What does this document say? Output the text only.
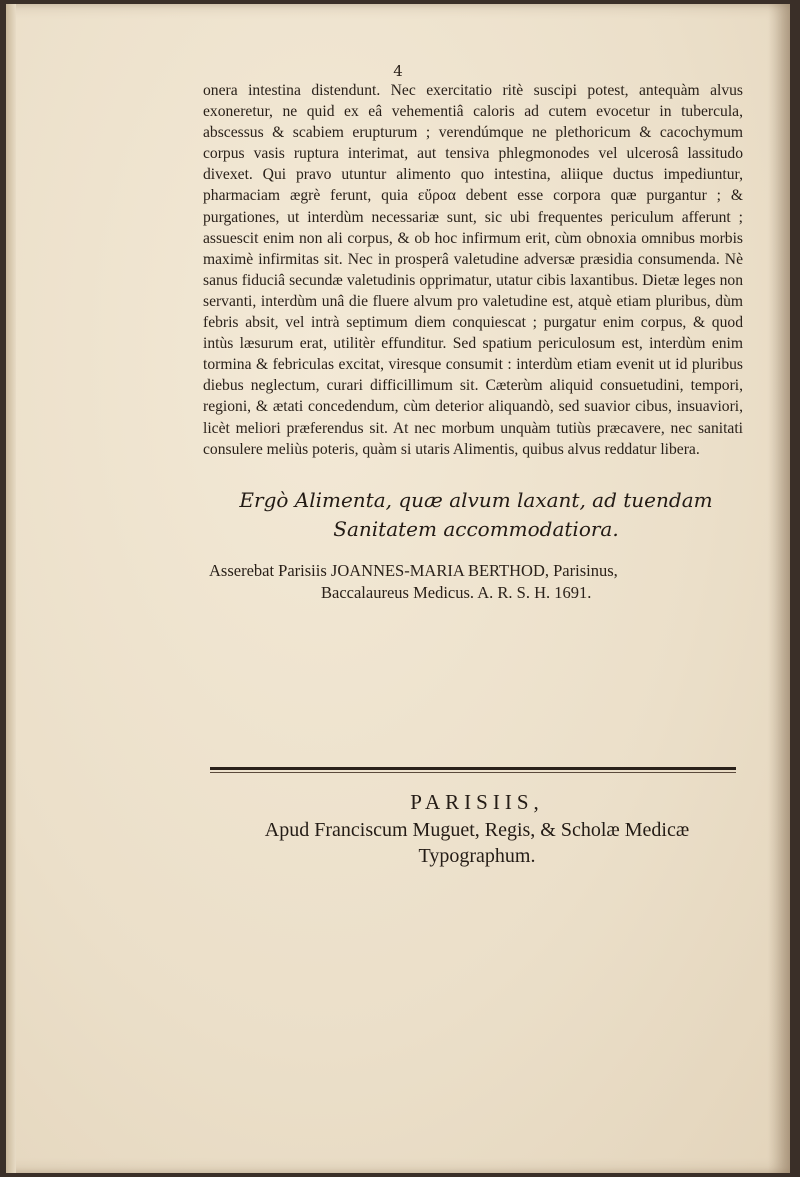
4

onera intestina distendunt. Nec exercitatio ritè suscipi potest, antequàm alvus exoneretur, ne quid ex eâ vehementiâ caloris ad cutem evocetur in tubercula, abscessus & scabiem erupturum ; verendúmque ne plethoricum & cacochymum corpus vasis ruptura interimat, aut tensiva phlegmonodes vel ulcerosâ lassitudo divexet. Qui pravo utuntur alimento quo intestina, aliique ductus impediuntur, pharmaciam ægrè ferunt, quia εὔροα debent esse corpora quæ purgantur ; & purgationes, ut interdùm necessariæ sunt, sic ubi frequentes periculum afferunt ; assuescit enim non ali corpus, & ob hoc infirmum erit, cùm obnoxia omnibus morbis maximè infirmitas sit. Nec in prosperâ valetudine adversæ præsidia consumenda. Nè sanus fiduciâ secundæ valetudinis opprimatur, utatur cibis laxantibus. Dietæ leges non servanti, interdùm unâ die fluere alvum pro valetudine est, atquè etiam pluribus, dùm febris absit, vel intrà septimum diem conquiescat ; purgatur enim corpus, & quod intùs læsurum erat, utilitèr effunditur. Sed spatium periculosum est, interdùm enim tormina & febriculas excitat, viresque consumit : interdùm etiam evenit ut id pluribus diebus neglectum, curari difficillimum sit. Cæterùm aliquid consuetudini, tempori, regioni, & ætati concedendum, cùm deterior aliquandò, sed suavior cibus, insuaviori, licèt meliori præferendus sit. At nec morbum unquàm tutiùs præcavere, nec sanitati consulere meliùs poteris, quàm si utaris Alimentis, quibus alvus reddatur libera.

Ergò Alimenta, quæ alvum laxant, ad tuendam Sanitatem accommodatiora.

Asserebat Parisiis JOANNES-MARIA BERTHOD, Parisinus,
Baccalaureus Medicus. A. R. S. H. 1691.

PARISIIS,
Apud Franciscum Muguet, Regis, & Scholæ Medicæ
Typographum.
